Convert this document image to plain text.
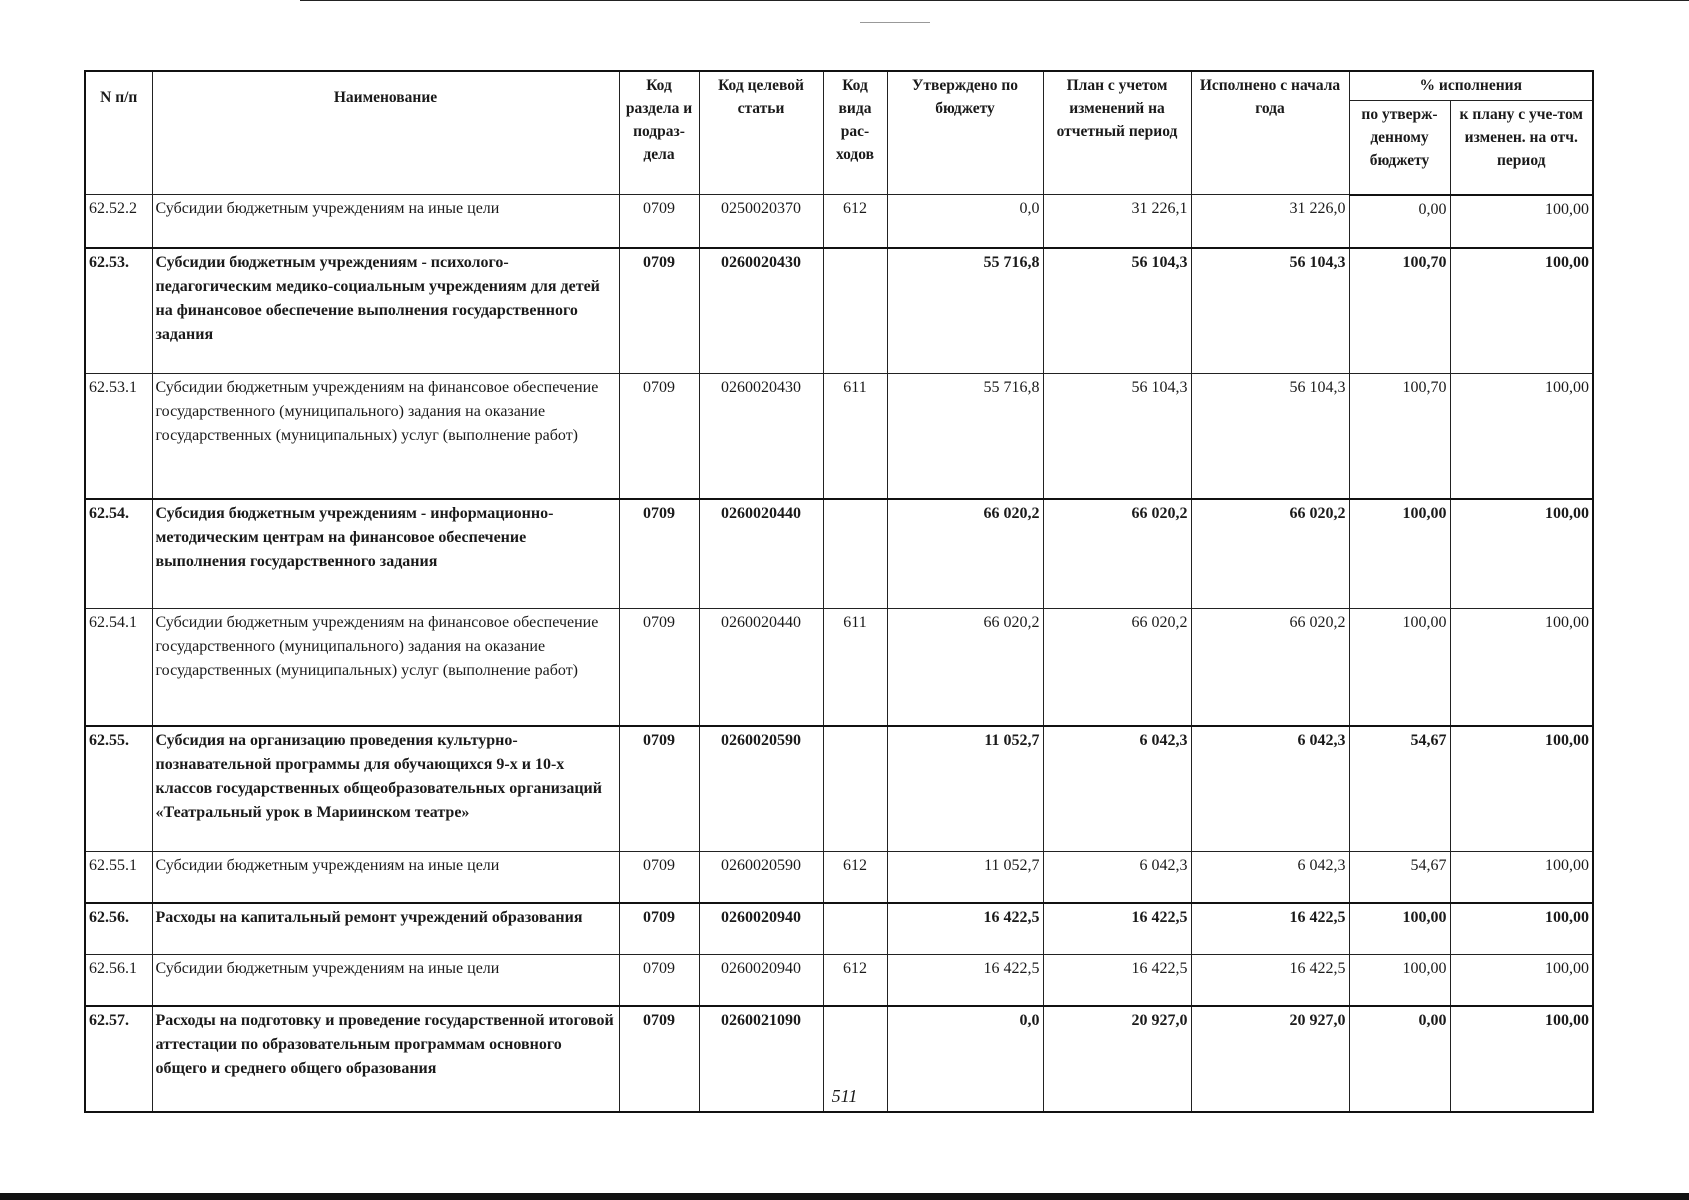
N п/п	Наименование	Код раздела и подраз-дела	Код целевой статьи	Код вида рас-ходов	Утверждено по бюджету	План с учетом изменений на отчетный период	Исполнено с начала года	% исполнения	
								по утверж-денному бюджету	к плану с уче-том изменен. на отч. период
62.52.2	Субсидии бюджетным учреждениям на иные цели	0709	0250020370	612	0,0	31 226,1	31 226,0	0,00	100,00
62.53.	Субсидии бюджетным учреждениям - психолого-педагогическим медико-социальным учреждениям для детей на финансовое обеспечение выполнения государственного задания	0709	0260020430		55 716,8	56 104,3	56 104,3	100,70	100,00
62.53.1	Субсидии бюджетным учреждениям на финансовое обеспечение государственного (муниципального) задания на оказание государственных (муниципальных) услуг (выполнение работ)	0709	0260020430	611	55 716,8	56 104,3	56 104,3	100,70	100,00
62.54.	Субсидия бюджетным учреждениям - информационно-методическим центрам на финансовое обеспечение выполнения государственного задания	0709	0260020440		66 020,2	66 020,2	66 020,2	100,00	100,00
62.54.1	Субсидии бюджетным учреждениям на финансовое обеспечение государственного (муниципального) задания на оказание государственных (муниципальных) услуг (выполнение работ)	0709	0260020440	611	66 020,2	66 020,2	66 020,2	100,00	100,00
62.55.	Субсидия на организацию проведения культурно-познавательной программы для обучающихся 9-х и 10-х классов государственных общеобразовательных организаций «Театральный урок в Мариинском театре»	0709	0260020590		11 052,7	6 042,3	6 042,3	54,67	100,00
62.55.1	Субсидии бюджетным учреждениям на иные цели	0709	0260020590	612	11 052,7	6 042,3	6 042,3	54,67	100,00
62.56.	Расходы на капитальный ремонт учреждений образования	0709	0260020940		16 422,5	16 422,5	16 422,5	100,00	100,00
62.56.1	Субсидии бюджетным учреждениям на иные цели	0709	0260020940	612	16 422,5	16 422,5	16 422,5	100,00	100,00
62.57.	Расходы на подготовку и проведение государственной итоговой аттестации по образовательным программам основного общего и среднего общего образования	0709	0260021090		0,0	20 927,0	20 927,0	0,00	100,00
511
